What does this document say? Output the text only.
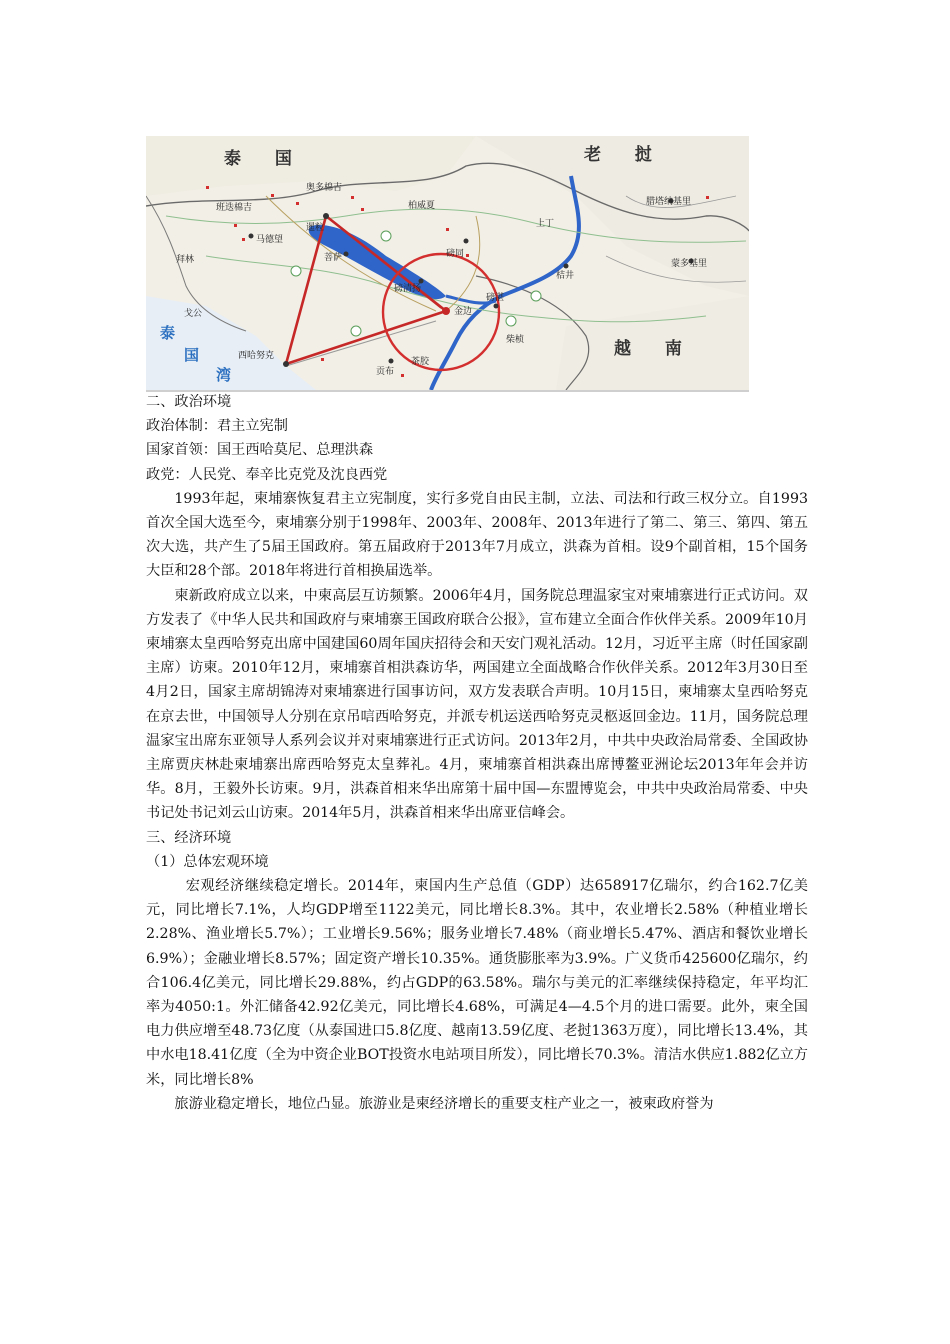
泰 国	老 挝
越 南
泰
国
湾
暹粒
菩萨
磅清扬
金边
西哈努克
贡布
戈公
马德望
班迭棉吉
奥多棉吉
柏威夏
上丁
桔井
蒙多基里
腊塔纳基里
磅同
磅湛
拜林
茶胶
柴桢
二、政治环境
政治体制：君主立宪制
国家首领：国王西哈莫尼、总理洪森
政党：人民党、奉辛比克党及沈良西党

1993年起，柬埔寨恢复君主立宪制度，实行多党自由民主制，立法、司法和行政三权分立。自1993首次全国大选至今，柬埔寨分别于1998年、2003年、2008年、2013年进行了第二、第三、第四、第五次大选，共产生了5届王国政府。第五届政府于2013年7月成立，洪森为首相。设9个副首相，15个国务大臣和28个部。2018年将进行首相换届选举。

柬新政府成立以来，中柬高层互访频繁。2006年4月，国务院总理温家宝对柬埔寨进行正式访问。双方发表了《中华人民共和国政府与柬埔寨王国政府联合公报》，宣布建立全面合作伙伴关系。2009年10月柬埔寨太皇西哈努克出席中国建国60周年国庆招待会和天安门观礼活动。12月，习近平主席（时任国家副主席）访柬。2010年12月，柬埔寨首相洪森访华，两国建立全面战略合作伙伴关系。2012年3月30日至4月2日，国家主席胡锦涛对柬埔寨进行国事访问，双方发表联合声明。10月15日，柬埔寨太皇西哈努克在京去世，中国领导人分别在京吊唁西哈努克，并派专机运送西哈努克灵柩返回金边。11月，国务院总理温家宝出席东亚领导人系列会议并对柬埔寨进行正式访问。2013年2月，中共中央政治局常委、全国政协主席贾庆林赴柬埔寨出席西哈努克太皇葬礼。4月，柬埔寨首相洪森出席博鳌亚洲论坛2013年年会并访华。8月，王毅外长访柬。9月，洪森首相来华出席第十届中国—东盟博览会，中共中央政治局常委、中央书记处书记刘云山访柬。2014年5月，洪森首相来华出席亚信峰会。

三、经济环境
（1）总体宏观环境

宏观经济继续稳定增长。2014年，柬国内生产总值（GDP）达658917亿瑞尔，约合162.7亿美元，同比增长7.1%，人均GDP增至1122美元，同比增长8.3%。其中，农业增长2.58%（种植业增长2.28%、渔业增长5.7%）；工业增长9.56%；服务业增长7.48%（商业增长5.47%、酒店和餐饮业增长6.9%）；金融业增长8.57%；固定资产增长10.35%。通货膨胀率为3.9%。广义货币425600亿瑞尔，约合106.4亿美元，同比增长29.88%，约占GDP的63.58%。瑞尔与美元的汇率继续保持稳定，年平均汇率为4050:1。外汇储备42.92亿美元，同比增长4.68%，可满足4—4.5个月的进口需要。此外，柬全国电力供应增至48.73亿度（从泰国进口5.8亿度、越南13.59亿度、老挝1363万度），同比增长13.4%，其中水电18.41亿度（全为中资企业BOT投资水电站项目所发），同比增长70.3%。清洁水供应1.882亿立方米，同比增长8%

旅游业稳定增长，地位凸显。旅游业是柬经济增长的重要支柱产业之一，被柬政府誉为
